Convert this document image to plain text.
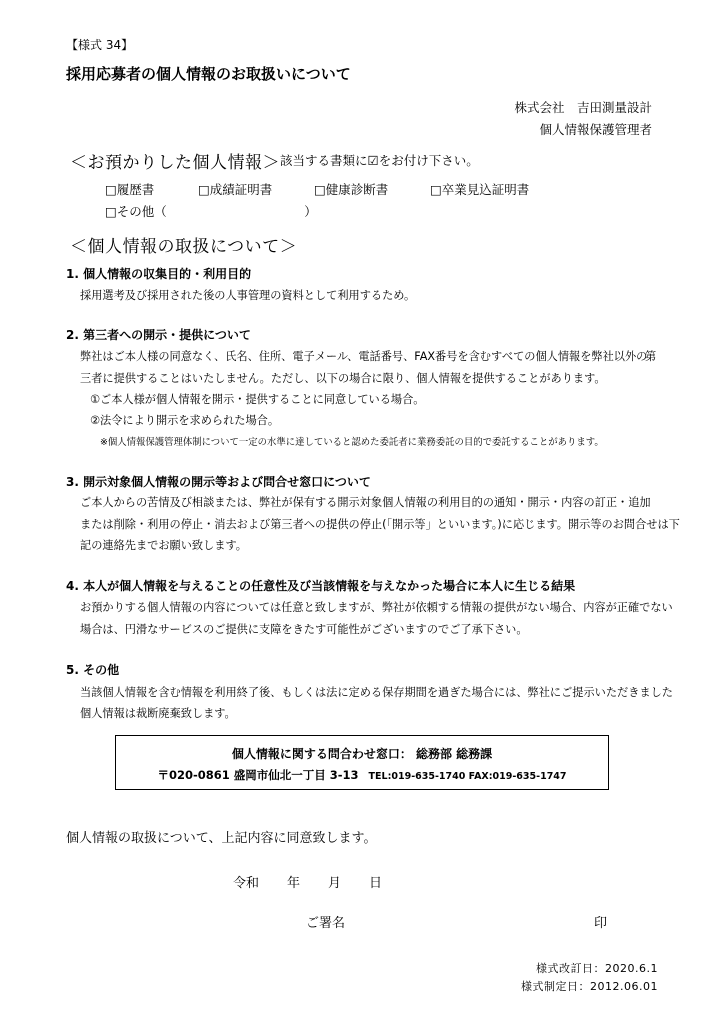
【様式 34】
採用応募者の個人情報のお取扱いについて
株式会社　吉田測量設計
個人情報保護管理者
＜お預かりした個人情報＞ 該当する書類に☑をお付け下さい。
□履歴書	□成績証明書	□健康診断書	□卒業見込証明書
□その他（　　　　　　　　　　　）
＜個人情報の取扱について＞
1. 個人情報の収集目的・利用目的
採用選考及び採用された後の人事管理の資料として利用するため。
2. 第三者への開示・提供について
弊社はご本人様の同意なく、氏名、住所、電子メール、電話番号、FAX番号を含むすべての個人情報を弊社以外の
第
三者に提供することはいたしません。ただし、以下の場合に限り、個人情報を提供することがあります。
①ご本人様が個人情報を開示・提供することに同意している場合。
②法令により開示を求められた場合。
※個人情報保護管理体制について一定の水準に達していると認めた委託者に業務委託の目的で委託することがあります。
3. 開示対象個人情報の開示等および問合せ窓口について
ご本人からの苦情及び相談または、弊社が保有する開示対象個人情報の利用目的の通知・開示・内容の訂正・追加
または削除・利用の停止・消去および第三者への提供の停止(「開示等」といいます。)に応じます。開示等のお問合せは下
記の連絡先までお願い致します。
4. 本人が個人情報を与えることの任意性及び当該情報を与えなかった場合に本人に生じる結果
お預かりする個人情報の内容については任意と致しますが、弊社が依頼する情報の提供がない場合、内容が正確でない
場合は、円滑なサービスのご提供に支障をきたす可能性がございますのでご了承下さい。
5. その他
当該個人情報を含む情報を利用終了後、もしくは法に定める保存期間を過ぎた場合には、弊社にご提示いただきました
個人情報は裁断廃棄致します。
個人情報に関する問合わせ窓口： 総務部 総務課
〒020-0861 盛岡市仙北一丁目 3-13 TEL:019-635-1740 FAX:019-635-1747
個人情報の取扱について、上記内容に同意致します。
令和 年 月 日
ご署名	印
様式改訂日：2020.6.1
様式制定日：2012.06.01
